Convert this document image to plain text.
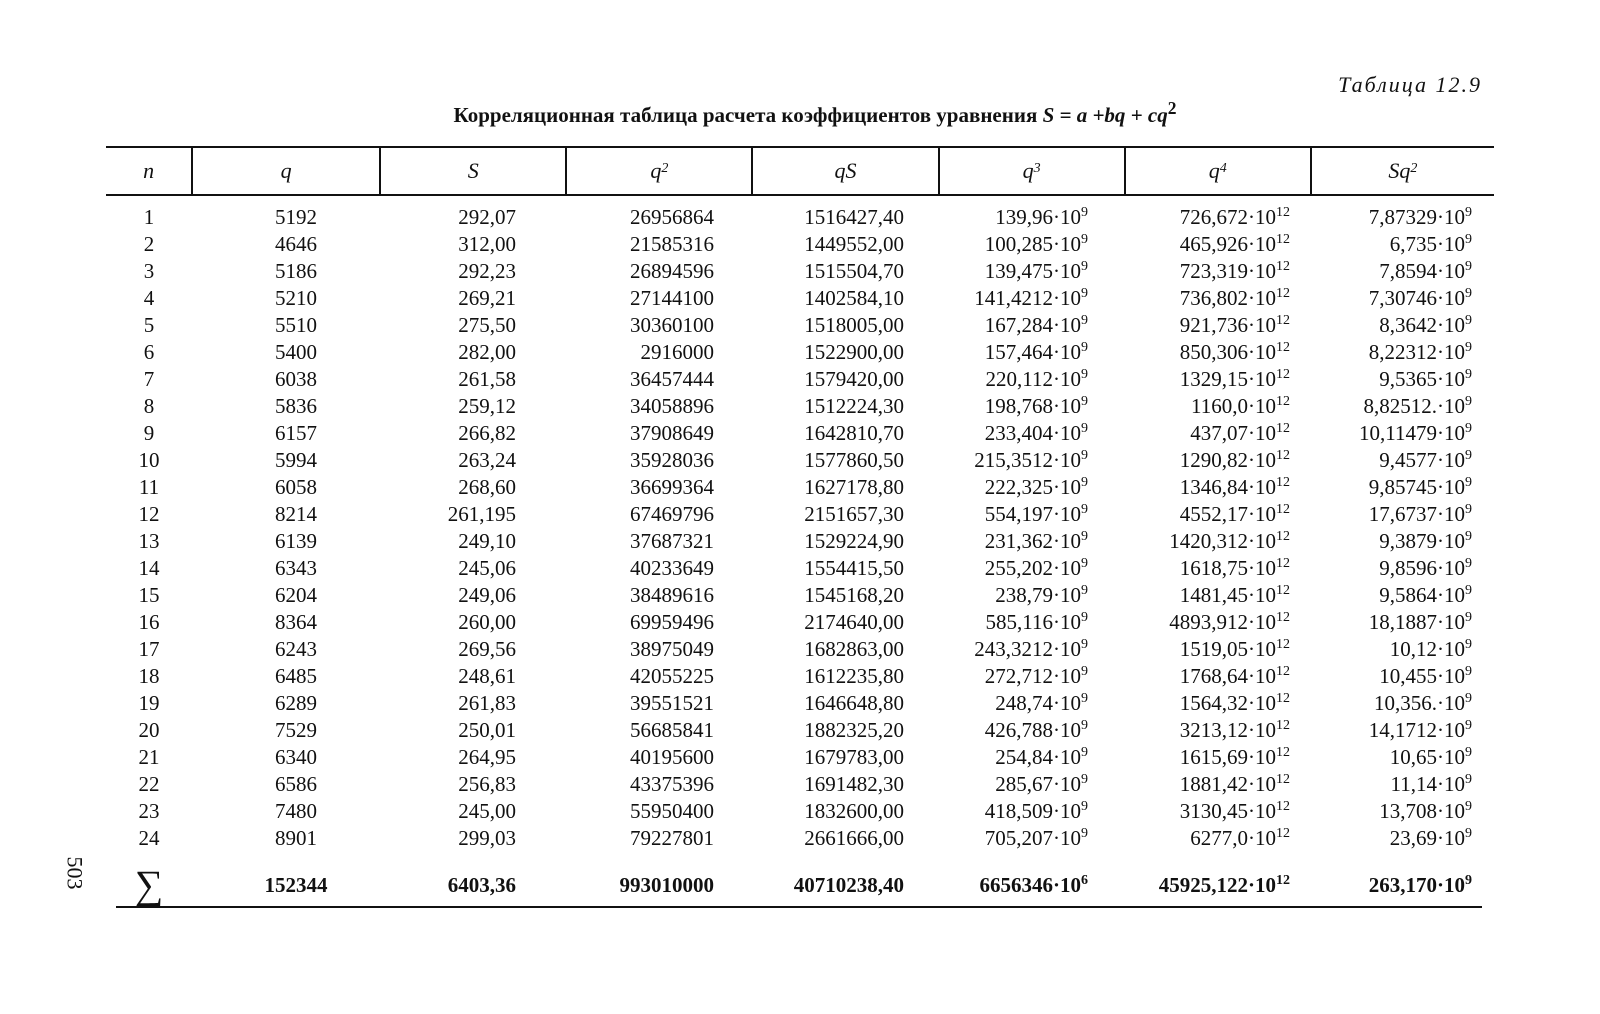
Таблица 12.9
Корреляционная таблица расчета коэффициентов уравнения $S = a +bq + cq^2$
503
n	q	S	$q^2$	qS	$q^3$	$q^4$	Sq$^2$
1	5192	292,07	26956864	1516427,40	$139,96\cdot 10^9$	$726,672\cdot 10^{12}$	$7,87329\cdot 10^9$
2	4646	312,00	21585316	1449552,00	$100,285\cdot 10^9$	$465,926\cdot 10^{12}$	$6,735\cdot 10^9$
3	5186	292,23	26894596	1515504,70	$139,475\cdot 10^9$	$723,319\cdot 10^{12}$	$7,8594\cdot 10^9$
4	5210	269,21	27144100	1402584,10	$141,4212\cdot 10^9$	$736,802\cdot 10^{12}$	$7,30746\cdot 10^9$
5	5510	275,50	30360100	1518005,00	$167,284\cdot 10^9$	$921,736\cdot 10^{12}$	$8,3642\cdot 10^9$
6	5400	282,00	2916000	1522900,00	$157,464\cdot 10^9$	$850,306\cdot 10^{12}$	$8,22312\cdot 10^9$
7	6038	261,58	36457444	1579420,00	$220,112\cdot 10^9$	$1329,15\cdot 10^{12}$	$9,5365\cdot 10^9$
8	5836	259,12	34058896	1512224,30	$198,768\cdot 10^9$	$1160,0\cdot 10^{12}$	$8,82512.\cdot 10^9$
9	6157	266,82	37908649	1642810,70	$233,404\cdot 10^9$	$437,07\cdot 10^{12}$	$10,11479\cdot 10^9$
10	5994	263,24	35928036	1577860,50	$215,3512\cdot 10^9$	$1290,82\cdot 10^{12}$	$9,4577\cdot 10^9$
11	6058	268,60	36699364	1627178,80	$222,325\cdot 10^9$	$1346,84\cdot 10^{12}$	$9,85745\cdot 10^9$
12	8214	261,195	67469796	2151657,30	$554,197\cdot 10^9$	$4552,17\cdot 10^{12}$	$17,6737\cdot 10^9$
13	6139	249,10	37687321	1529224,90	$231,362\cdot 10^9$	$1420,312\cdot 10^{12}$	$9,3879\cdot 10^9$
14	6343	245,06	40233649	1554415,50	$255,202\cdot 10^9$	$1618,75\cdot 10^{12}$	$9,8596\cdot 10^9$
15	6204	249,06	38489616	1545168,20	$238,79\cdot 10^9$	$1481,45\cdot 10^{12}$	$9,5864\cdot 10^9$
16	8364	260,00	69959496	2174640,00	$585,116\cdot 10^9$	$4893,912\cdot 10^{12}$	$18,1887\cdot 10^9$
17	6243	269,56	38975049	1682863,00	$243,3212\cdot 10^9$	$1519,05\cdot 10^{12}$	$10,12\cdot 10^9$
18	6485	248,61	42055225	1612235,80	$272,712\cdot 10^9$	$1768,64\cdot 10^{12}$	$10,455\cdot 10^9$
19	6289	261,83	39551521	1646648,80	$248,74\cdot 10^9$	$1564,32\cdot 10^{12}$	$10,356.\cdot 10^9$
20	7529	250,01	56685841	1882325,20	$426,788\cdot 10^9$	$3213,12\cdot 10^{12}$	$14,1712\cdot 10^9$
21	6340	264,95	40195600	1679783,00	$254,84\cdot 10^9$	$1615,69\cdot 10^{12}$	$10,65\cdot 10^9$
22	6586	256,83	43375396	1691482,30	$285,67\cdot 10^9$	$1881,42\cdot 10^{12}$	$11,14\cdot 10^9$
23	7480	245,00	55950400	1832600,00	$418,509\cdot 10^9$	$3130,45\cdot 10^{12}$	$13,708\cdot 10^9$
24	8901	299,03	79227801	2661666,00	$705,207\cdot 10^9$	$6277,0\cdot 10^{12}$	$23,69\cdot 10^9$
∑	152344	6403,36	993010000	40710238,40	$6656346\cdot 10^6$	$45925,122\cdot 10^{12}$	$263,170\cdot 10^9$
